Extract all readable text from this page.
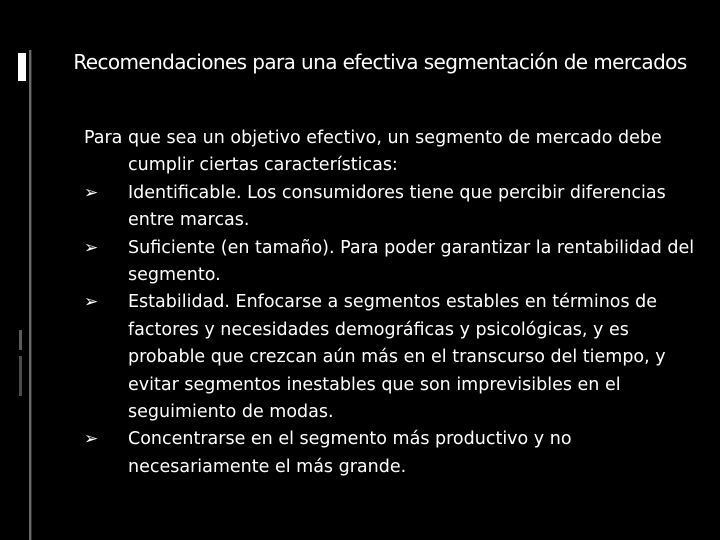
Recomendaciones para una efectiva segmentación de mercados

Para que sea un objetivo efectivo, un segmento de mercado debe cumplir ciertas características:

➢	Identificable. Los consumidores tiene que percibir diferencias entre marcas.
➢	Suficiente (en tamaño). Para poder garantizar la rentabilidad del segmento.
➢	Estabilidad. Enfocarse a segmentos estables en términos de factores y necesidades demográficas y psicológicas, y es probable que crezcan aún más en el transcurso del tiempo, y evitar segmentos inestables que son imprevisibles en el seguimiento de modas.
➢	Concentrarse en el segmento más productivo y no necesariamente el más grande.
